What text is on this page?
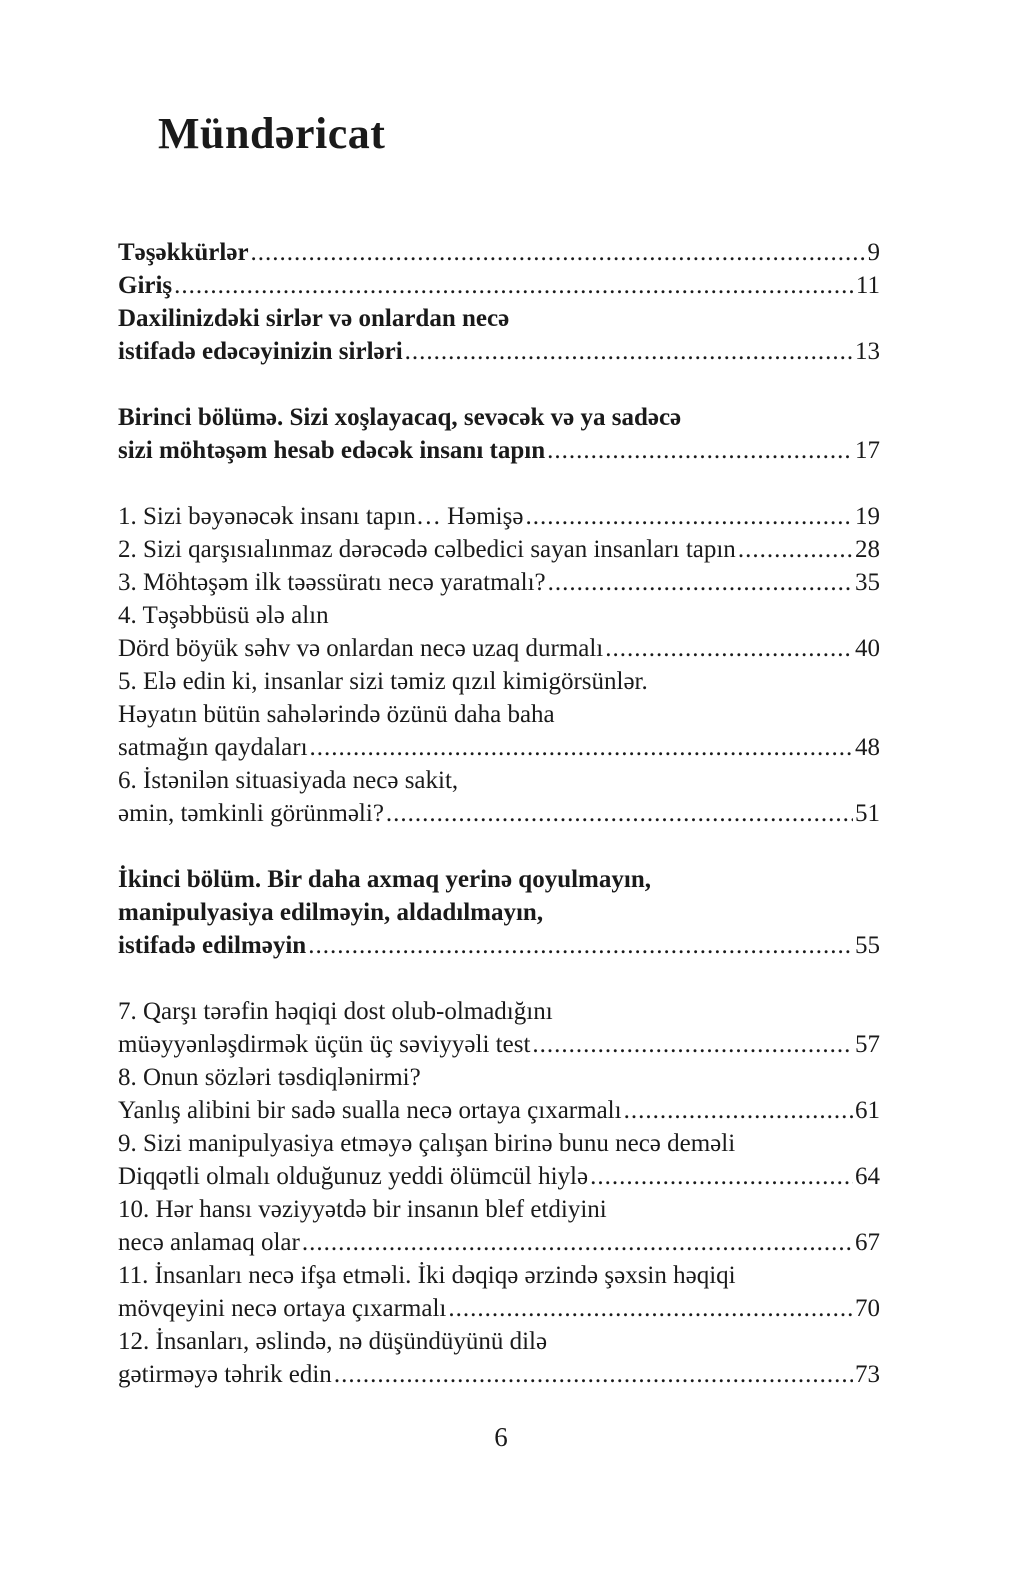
Mündəricat
Təşəkkürlər .....	9
Giriş .....	11
Daxilinizdəki sirlər və onlardan necə
istifadə edəcəyinizin sirləri .....	13
Birinci bölümə. Sizi xoşlayacaq, sevəcək və ya sadəcə
sizi möhtəşəm hesab edəcək insanı tapın .....	17
1. Sizi bəyənəcək insanı tapın… Həmişə .....	19
2. Sizi qarşısıalınmaz dərəcədə cəlbedici sayan insanları tapın .....	28
3. Möhtəşəm ilk təəssüratı necə yaratmalı? .....	35
4. Təşəbbüsü ələ alın
Dörd böyük səhv və onlardan necə uzaq durmalı .....	40
5. Elə edin ki, insanlar sizi təmiz qızıl kimigörsünlər.
Həyatın bütün sahələrində özünü daha baha
satmağın qaydaları .....	48
6. İstənilən situasiyada necə sakit,
əmin, təmkinli görünməli? .....	51
İkinci bölüm. Bir daha axmaq yerinə qoyulmayın,
manipulyasiya edilməyin, aldadılmayın,
istifadə edilməyin .....	55
7. Qarşı tərəfin həqiqi dost olub-olmadığını
müəyyənləşdirmək üçün üç səviyyəli test .....	57
8. Onun sözləri təsdiqlənirmi?
Yanlış alibini bir sadə sualla necə ortaya çıxarmalı .....	61
9. Sizi manipulyasiya etməyə çalışan birinə bunu necə deməli
Diqqətli olmalı olduğunuz yeddi ölümcül hiylə .....	64
10. Hər hansı vəziyyətdə bir insanın blef etdiyini
necə anlamaq olar .....	67
11. İnsanları necə ifşa etməli. İki dəqiqə ərzində şəxsin həqiqi
mövqeyini necə ortaya çıxarmalı .....	70
12. İnsanları, əslində, nə düşündüyünü dilə
gətirməyə təhrik edin .....	73
6
